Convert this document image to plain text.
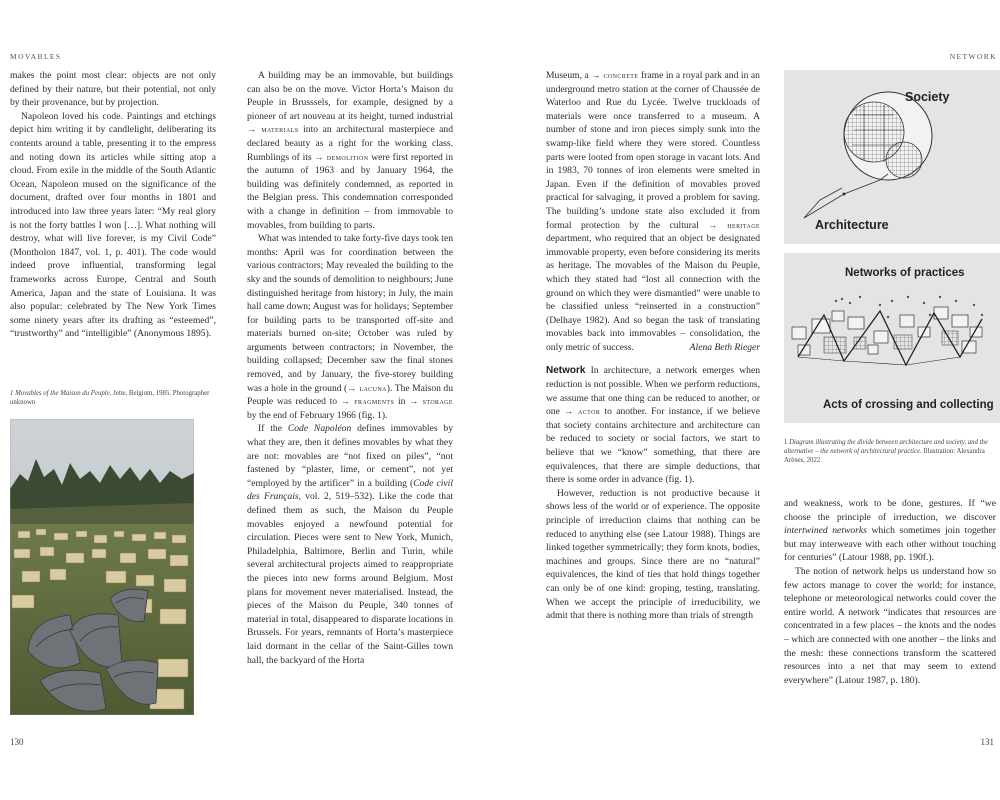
MOVABLES	NETWORK
130	131

makes the point most clear: objects are not only defined by their nature, but their potential, not only by their provenance, but by projection.

Napoleon loved his code. Paintings and etchings depict him writing it by candlelight, deliberating its contents around a table, presenting it to the empress and noting down its articles while sitting atop a cloud. From exile in the middle of the South Atlantic Ocean, Napoleon mused on the significance of the document, drafted over four months in 1801 and introduced into law three years later: “My real glory is not the forty battles I won […]. What nothing will destroy, what will live forever, is my Civil Code” (Montholon 1847, vol. 1, p. 401). The code would indeed prove influential, transforming legal frameworks across Europe, Central and South America, Japan and the state of Louisiana. It was also popular: celebrated by The New York Times some ninety years after its drafting as “esteemed”, “trustworthy” and “intelligible” (Anonymous 1895).

1 Movables of the Maison du Peuple, Jette, Belgium, 1985. Photographer unknown

A building may be an immovable, but buildings can also be on the move. Victor Horta’s Maison du Peuple in Brusssels, for example, designed by a pioneer of art nouveau at its height, turned industrial → materials into an architectural masterpiece and declared beauty as a right for the working class. Rumblings of its → demolition were first reported in the autumn of 1963 and by January 1964, the building was definitely condemned, as reported in the Belgian press. This condemnation corresponded with a change in definition – from immovable to movables, from building to parts.

What was intended to take forty-five days took ten months: April was for coordination between the various contractors; May revealed the building to the sky and the sounds of demolition to neighbours; June distinguished heritage from history; in July, the main hall came down; August was for holidays; September for building parts to be transported off-site and materials burned on-site; October was ruled by arguments between contractors; in November, the building collapsed; December saw the final stones removed, and by January, the five-storey building was a hole in the ground (→ lacuna). The Maison du Peuple was reduced to → fragments in → storage by the end of February 1966 (fig. 1).

If the Code Napoléon defines immovables by what they are, then it defines movables by what they are not: movables are “not fixed on piles”, “not fastened by “plaster, lime, or cement”, not yet “employed by the artificer” in a building (Code civil des Français, vol. 2, 519–532). Like the code that defined them as such, the Maison du Peuple movables enjoyed a newfound potential for circulation. Pieces were sent to New York, Munich, Philadelphia, Baltimore, Berlin and Turin, while several architectural projects aimed to reappropriate the pieces into new forms around Belgium. Most plans for movement never materialised. Instead, the pieces of the Maison du Peuple, 340 tonnes of material in total, disappeared to disparate locations in Brussels. For years, remnants of Horta’s masterpiece laid dormant in the cellar of the Saint-Gilles town hall, the backyard of the Horta

Museum, a → concrete frame in a royal park and in an underground metro station at the corner of Chaussée de Waterloo and Rue du Lycée. Twelve truckloads of materials were once transferred to a museum. A number of stone and iron pieces simply sunk into the swamp-like field where they were stored. Countless parts were looted from open storage in vacant lots. And in 1983, 70 tonnes of iron elements were smelted in Japan. Even if the definition of movables proved practical for salvaging, it proved a problem for saving. The building’s undone state also excluded it from formal protection by the cultural → heritage department, who required that an object be designated immovable property, even before considering its merits as heritage. The movables of the Maison du Peuple, which they stated had “lost all connection with the ground on which they were dismantled” were unable to be classified unless “reinserted in a construction” (Delhaye 1982). And so began the task of translating movables back into immovables – consolidation, the only metric of success.	Alena Beth Rieger

Network In architecture, a network emerges when reduction is not possible. When we perform reductions, we assume that one thing can be reduced to another, or one → actor to another. For instance, if we believe that society contains architecture and architecture can be reduced to society or social factors, we start to believe that we “know” something, that there are equivalences, that there are simple deductions, that there is some order in advance (fig. 1).

However, reduction is not productive because it shows less of the world or of experience. The opposite principle of irreduction claims that nothing can be reduced to anything else (see Latour 1988). Things are linked together symmetrically; they form knots, bodies, machines and groups. Since there are no “natural” equivalences, the kind of ties that hold things together can only be of one kind: groping, testing, translating. When we accept the principle of irreducibility, we admit that there is nothing more than trials of strength

Society
Architecture
Networks of practices
Acts of crossing and collecting
1 Diagram illustrating the divide between architecture and society, and the alternative – the network of architectural practice. Illustration: Alexandra Arènes, 2022

and weakness, work to be done, gestures. If “we choose the principle of irreduction, we discover intertwined networks which sometimes join together but may interweave with each other without touching for centuries” (Latour 1988, pp. 190f.).

The notion of network helps us understand how so few actors manage to cover the world; for instance, telephone or meteorological networks could cover the entire world. A network “indicates that resources are concentrated in a few places – the knots and the nodes – which are connected with one another – the links and the mesh: these connections transform the scattered resources into a net that may seem to extend everywhere” (Latour 1987, p. 180).
